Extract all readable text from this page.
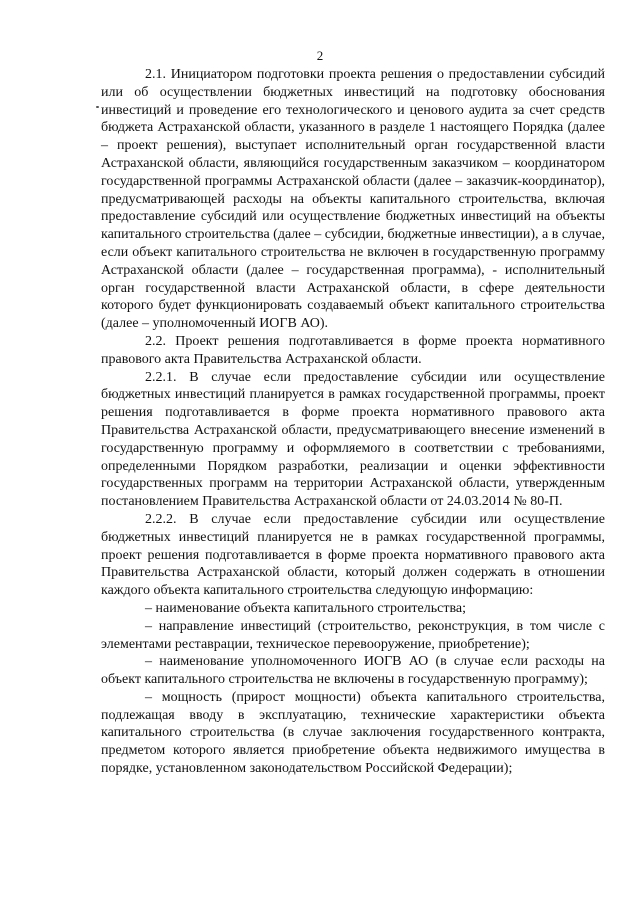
2

2.1. Инициатором подготовки проекта решения о предоставлении субсидий или об осуществлении бюджетных инвестиций на подготовку обоснования инвестиций и проведение его технологического и ценового аудита за счет средств бюджета Астраханской области, указанного в разделе 1 настоящего Порядка (далее – проект решения), выступает исполнительный орган государственной власти Астраханской области, являющийся государственным заказчиком – координатором государственной программы Астраханской области (далее – заказчик-координатор), предусматривающей расходы на объекты капитального строительства, включая предоставление субсидий или осуществление бюджетных инвестиций на объекты капитального строительства (далее – субсидии, бюджетные инвестиции), а в случае, если объект капитального строительства не включен в государственную программу Астраханской области (далее – государственная программа), - исполнительный орган государственной власти Астраханской области, в сфере деятельности которого будет функционировать создаваемый объект капитального строительства (далее – уполномоченный ИОГВ АО).

2.2. Проект решения подготавливается в форме проекта нормативного правового акта Правительства Астраханской области.

2.2.1. В случае если предоставление субсидии или осуществление бюджетных инвестиций планируется в рамках государственной программы, проект решения подготавливается в форме проекта нормативного правового акта Правительства Астраханской области, предусматривающего внесение изменений в государственную программу и оформляемого в соответствии с требованиями, определенными Порядком разработки, реализации и оценки эффективности государственных программ на территории Астраханской области, утвержденным постановлением Правительства Астраханской области от 24.03.2014 № 80-П.

2.2.2. В случае если предоставление субсидии или осуществление бюджетных инвестиций планируется не в рамках государственной программы, проект решения подготавливается в форме проекта нормативного правового акта Правительства Астраханской области, который должен содержать в отношении каждого объекта капитального строительства следующую информацию:

– наименование объекта капитального строительства;

– направление инвестиций (строительство, реконструкция, в том числе с элементами реставрации, техническое перевооружение, приобретение);

– наименование уполномоченного ИОГВ АО (в случае если расходы на объект капитального строительства не включены в государственную программу);

– мощность (прирост мощности) объекта капитального строительства, подлежащая вводу в эксплуатацию, технические характеристики объекта капитального строительства (в случае заключения государственного контракта, предметом которого является приобретение объекта недвижимого имущества в порядке, установленном законодательством Российской Федерации);
